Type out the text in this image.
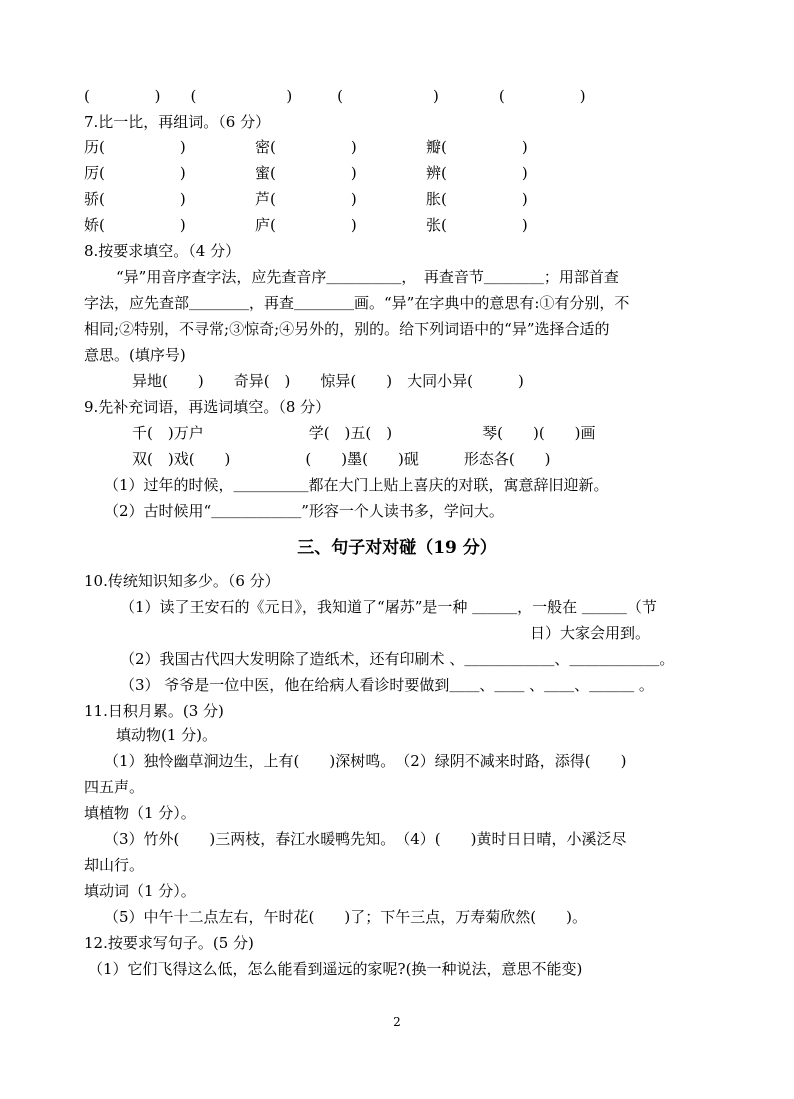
(　　　　 )　　(　　　　　　)　　　(　　　　　　)　　　　(　　　　　)
7.比一比，再组词。（6 分）
历(　　　　　)	密(　　　　　)	瓣(　　　　　)
厉(　　　　　)	蜜(　　　　　)	辨(　　　　　)
骄(　　　　　)	芦(　　　　　)	胀(　　　　　)
娇(　　　　　)	庐(　　　　　)	张(　　　　　)
8.按要求填空。（4 分）
“异”用音序查字法，应先查音序＿＿＿＿＿，　再查音节＿＿＿＿；用部首查
字法，应先查部＿＿＿＿，再查＿＿＿＿画。“异”在字典中的意思有:①有分别，不
相同;②特别，不寻常;③惊奇;④另外的，别的。给下列词语中的“异”选择合适的
意思。(填序号)
异地(　　)　　奇异(　)　　惊异(　　)　大同小异(　　　)
9.先补充词语，再选词填空。（8 分）
千(　)万户　　　　　　　学(　)五(　)　　　　　　琴(　　)(　　)画
双(　)戏(　　)　　　　　(　　)墨(　　)砚　　　形态各(　　)
（1）过年的时候，＿＿＿＿＿都在大门上贴上喜庆的对联，寓意辞旧迎新。
（2）古时候用“＿＿＿＿＿＿”形容一个人读书多，学问大。
三、句子对对碰（19 分）
10.传统知识知多少。（6 分）
（1）读了王安石的《元日》，我知道了“屠苏”是一种 ＿＿＿，一般在 ＿＿＿（节
日）大家会用到。
（2）我国古代四大发明除了造纸术，还有印刷术 、＿＿＿＿＿＿、＿＿＿＿＿＿。
（3） 爷爷是一位中医，他在给病人看诊时要做到＿＿、＿＿ 、＿＿、＿＿＿ 。
11.日积月累。(3 分)
填动物(1 分)。
（1）独怜幽草涧边生，上有(　　)深树鸣。　（2）绿阴不减来时路，添得(　　)
四五声。
填植物（1 分）。
（3）竹外(　　)三两枝，春江水暖鸭先知。　（4）(　　)黄时日日晴，小溪泛尽
却山行。
填动词（1 分）。
（5）中午十二点左右，午时花(　　)了；下午三点，万寿菊欣然(　　)。
12.按要求写句子。(5 分)
（1）它们飞得这么低，怎么能看到遥远的家呢?(换一种说法，意思不能变)
2
